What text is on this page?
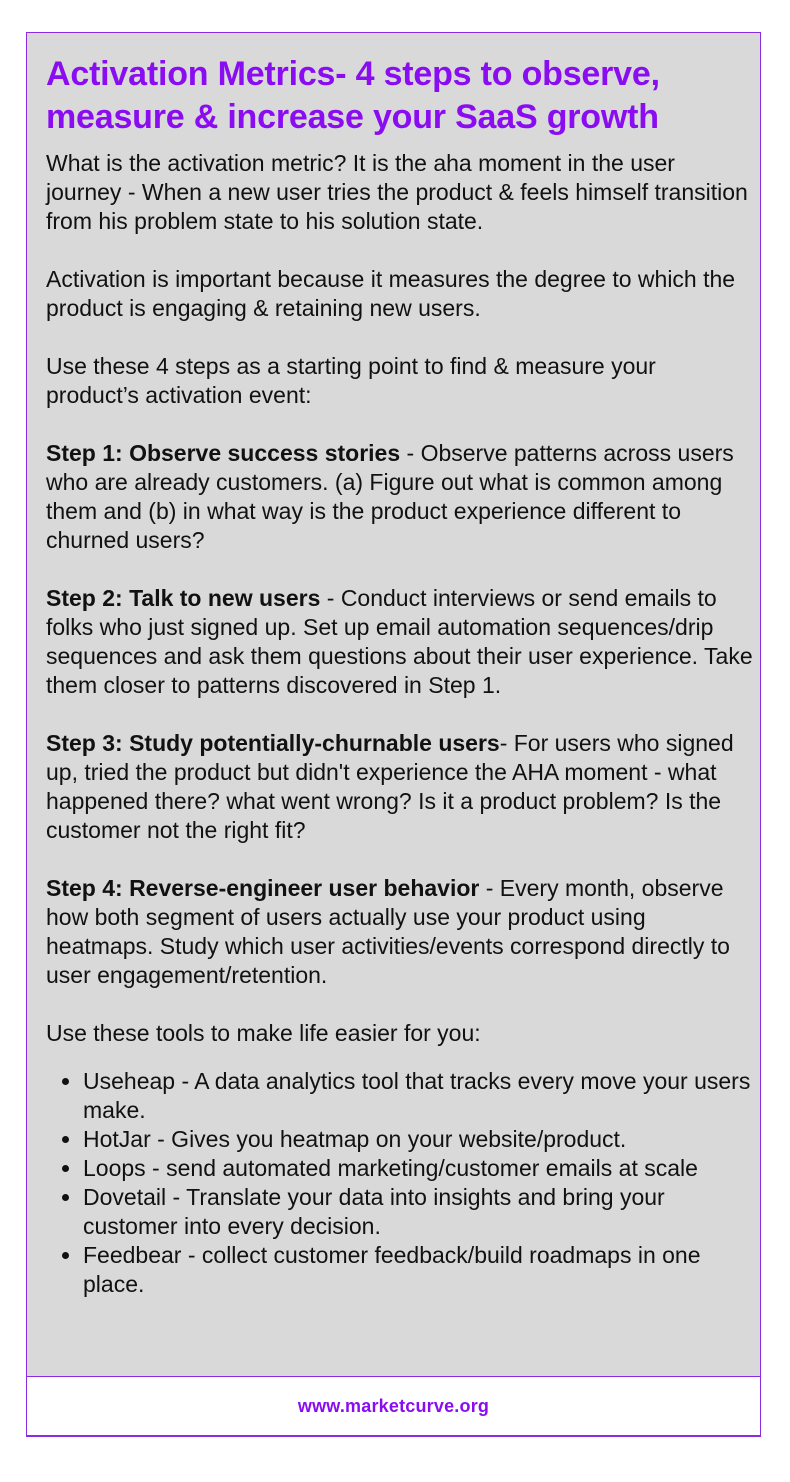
Activation Metrics- 4 steps to observe, measure & increase your SaaS growth

What is the activation metric? It is the aha moment in the user journey - When a new user tries the product & feels himself transition from his problem state to his solution state.

Activation is important because it measures the degree to which the product is engaging & retaining new users.

Use these 4 steps as a starting point to find & measure your product’s activation event:

Step 1: Observe success stories - Observe patterns across users who are already customers. (a) Figure out what is common among them and (b) in what way is the product experience different to churned users?

Step 2: Talk to new users - Conduct interviews or send emails to folks who just signed up. Set up email automation sequences/drip sequences and ask them questions about their user experience. Take them closer to patterns discovered in Step 1.

Step 3: Study potentially-churnable users- For users who signed up, tried the product but didn't experience the AHA moment - what happened there? what went wrong? Is it a product problem? Is the customer not the right fit?

Step 4: Reverse-engineer user behavior - Every month, observe how both segment of users actually use your product using heatmaps. Study which user activities/events correspond directly to user engagement/retention.

Use these tools to make life easier for you:

• Useheap - A data analytics tool that tracks every move your users make.
• HotJar - Gives you heatmap on your website/product.
• Loops - send automated marketing/customer emails at scale
• Dovetail - Translate your data into insights and bring your customer into every decision.
• Feedbear - collect customer feedback/build roadmaps in one place.
www.marketcurve.org
